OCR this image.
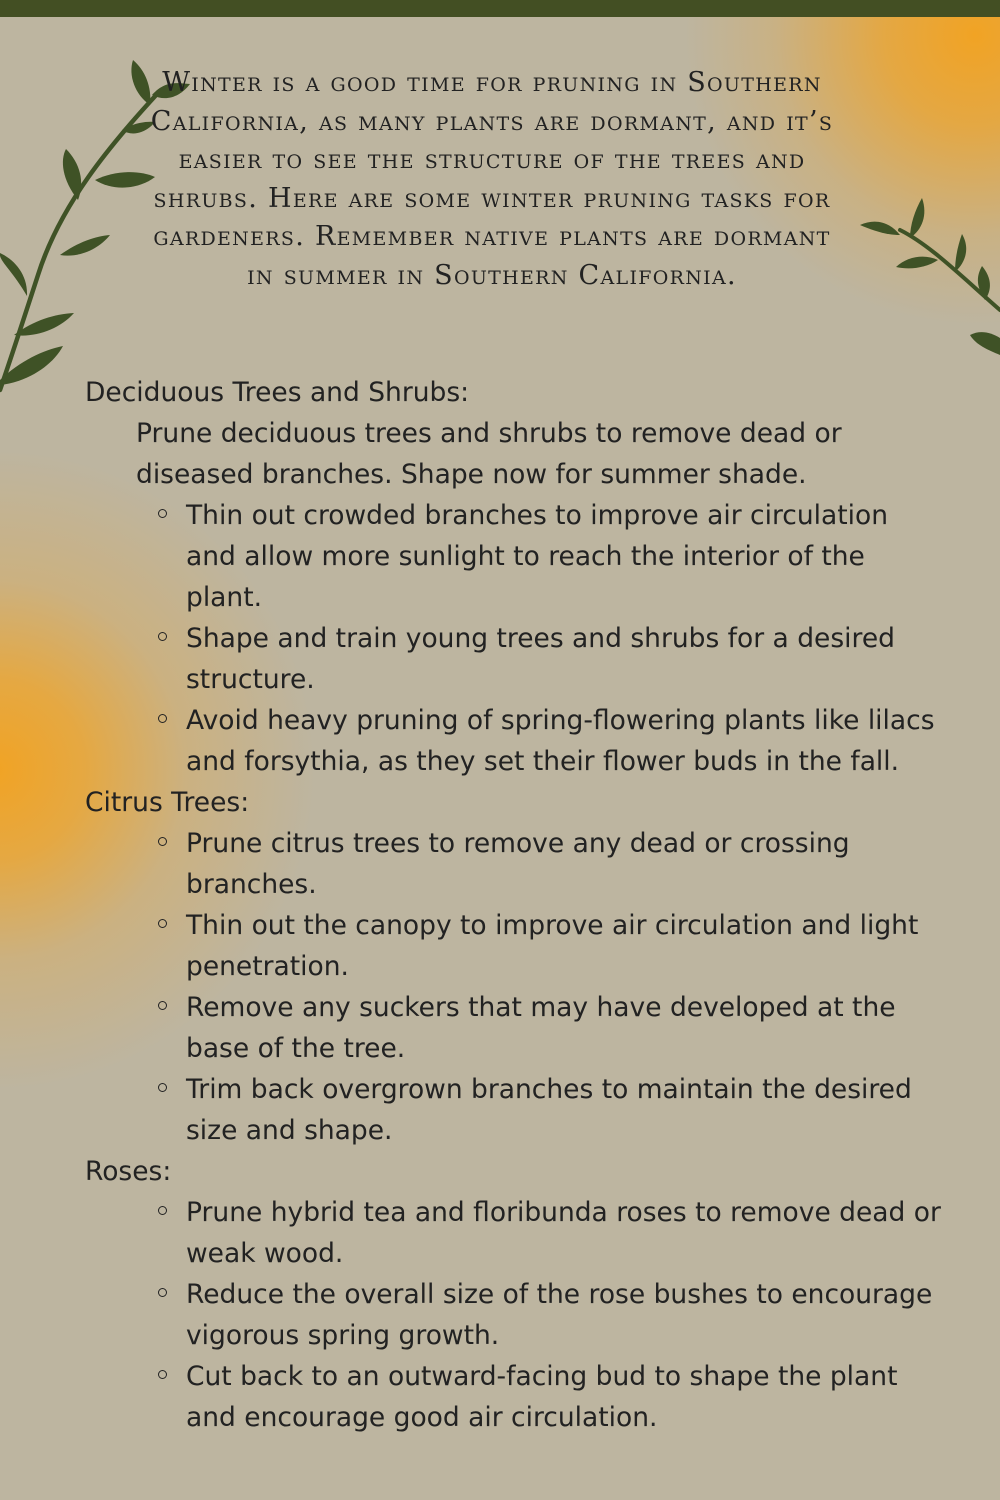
Winter is a good time for pruning in Southern California, as many plants are dormant, and it’s easier to see the structure of the trees and shrubs. Here are some winter pruning tasks for gardeners. Remember native plants are dormant in summer in Southern California.

Deciduous Trees and Shrubs:

Prune deciduous trees and shrubs to remove dead or diseased branches. Shape now for summer shade.

Thin out crowded branches to improve air circulation and allow more sunlight to reach the interior of the plant.
Shape and train young trees and shrubs for a desired structure.
Avoid heavy pruning of spring-flowering plants like lilacs and forsythia, as they set their flower buds in the fall.

Citrus Trees:

Prune citrus trees to remove any dead or crossing branches.
Thin out the canopy to improve air circulation and light penetration.
Remove any suckers that may have developed at the base of the tree.
Trim back overgrown branches to maintain the desired size and shape.

Roses:

Prune hybrid tea and floribunda roses to remove dead or weak wood.
Reduce the overall size of the rose bushes to encourage vigorous spring growth.
Cut back to an outward-facing bud to shape the plant and encourage good air circulation.
